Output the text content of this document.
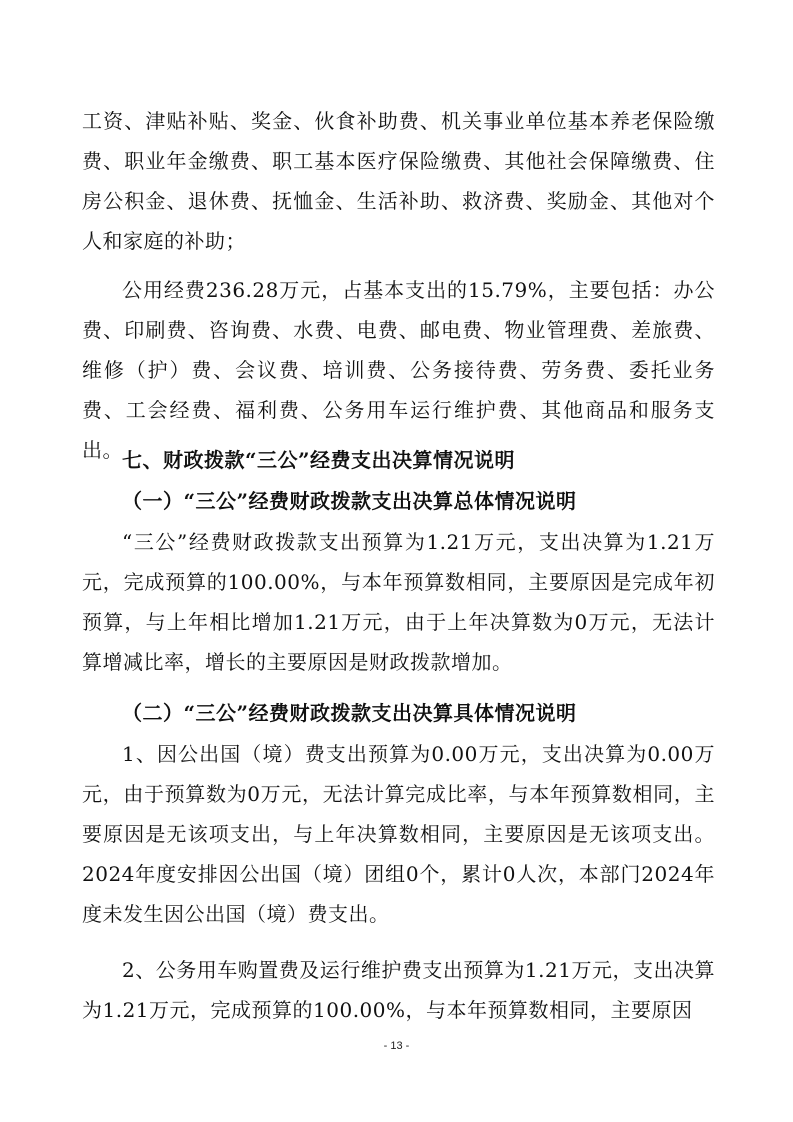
工资、津贴补贴、奖金、伙食补助费、机关事业单位基本养老保险缴费、职业年金缴费、职工基本医疗保险缴费、其他社会保障缴费、住房公积金、退休费、抚恤金、生活补助、救济费、奖励金、其他对个人和家庭的补助；

公用经费236.28万元，占基本支出的15.79%，主要包括：办公费、印刷费、咨询费、水费、电费、邮电费、物业管理费、差旅费、维修（护）费、会议费、培训费、公务接待费、劳务费、委托业务费、工会经费、福利费、公务用车运行维护费、其他商品和服务支出。 七、财政拨款“三公”经费支出决算情况说明
（一）“三公”经费财政拨款支出决算总体情况说明

“三公”经费财政拨款支出预算为1.21万元，支出决算为1.21万元，完成预算的100.00%，与本年预算数相同，主要原因是完成年初预算，与上年相比增加1.21万元，由于上年决算数为0万元，无法计算增减比率，增长的主要原因是财政拨款增加。

（二）“三公”经费财政拨款支出决算具体情况说明

1、因公出国（境）费支出预算为0.00万元，支出决算为0.00万元，由于预算数为0万元，无法计算完成比率，与本年预算数相同，主要原因是无该项支出，与上年决算数相同，主要原因是无该项支出。2024年度安排因公出国（境）团组0个，累计0人次，本部门2024年度未发生因公出国（境）费支出。

2、公务用车购置费及运行维护费支出预算为1.21万元，支出决算为1.21万元，完成预算的100.00%，与本年预算数相同，主要原因

- 13 -
